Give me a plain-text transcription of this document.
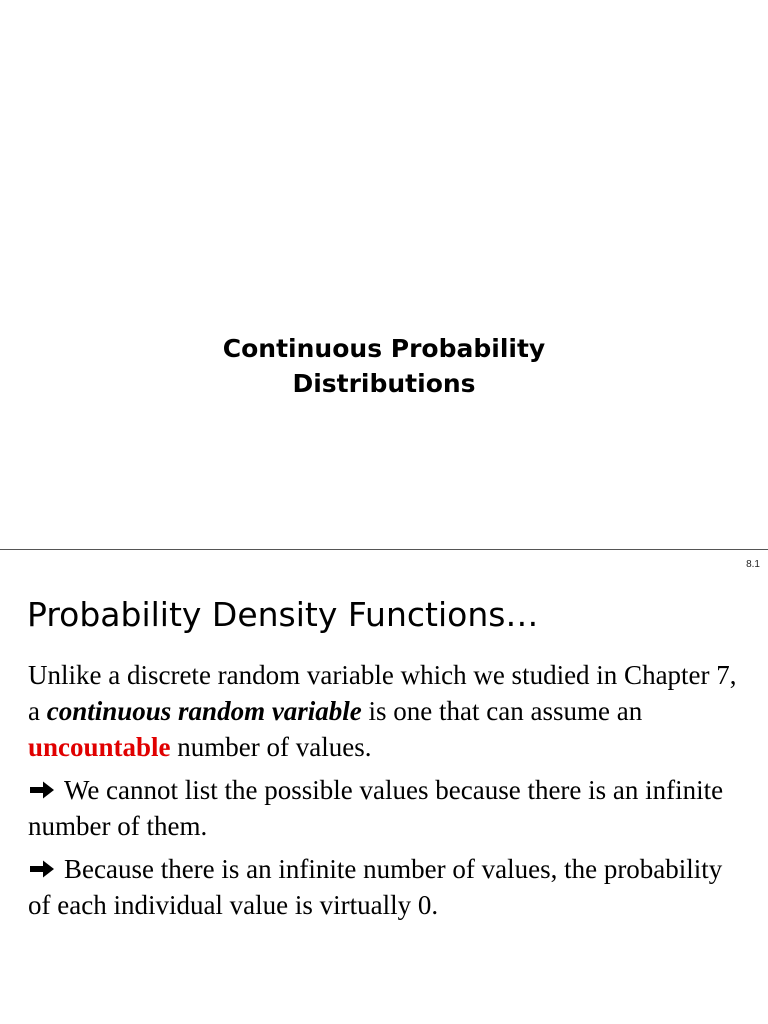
Continuous Probability
Distributions
8.1
Probability Density Functions…

Unlike a discrete random variable which we studied in Chapter 7, a continuous random variable is one that can assume an uncountable number of values.

We cannot list the possible values because there is an infinite number of them.

Because there is an infinite number of values, the probability of each individual value is virtually 0.
